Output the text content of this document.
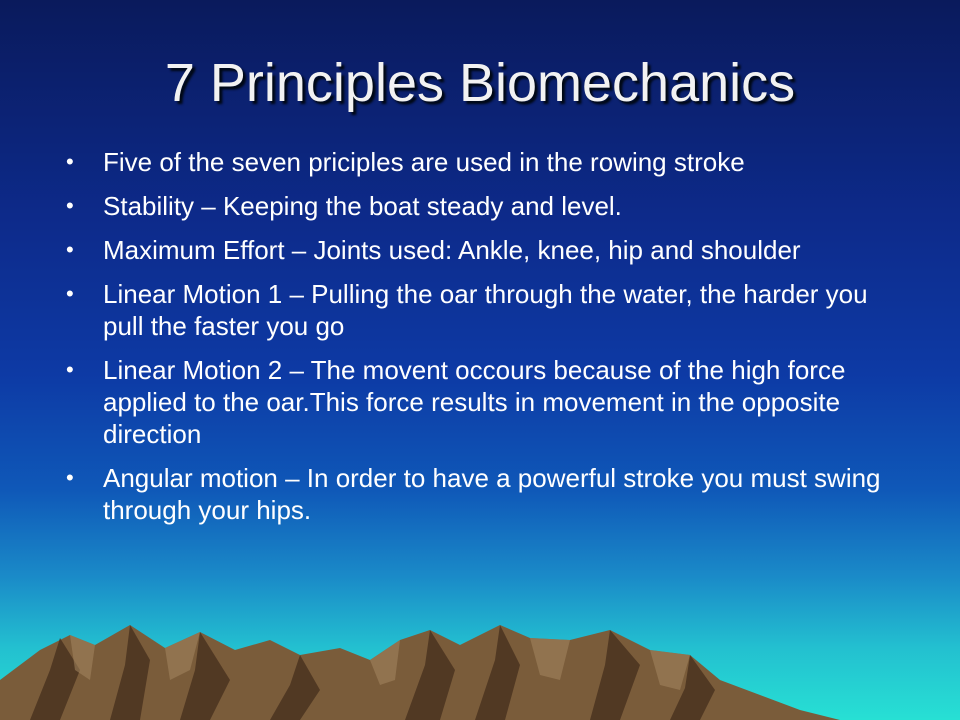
7 Principles Biomechanics
• Five of the seven priciples are used in the rowing stroke
• Stability – Keeping the boat steady and level.
• Maximum Effort – Joints used: Ankle, knee, hip and shoulder
• Linear Motion 1 – Pulling the oar through the water, the harder you pull the faster you go
• Linear Motion 2 – The movent occours because of the high force applied to the oar.This force results in movement in the opposite direction
• Angular motion – In order to have a powerful stroke you must swing through your hips.
